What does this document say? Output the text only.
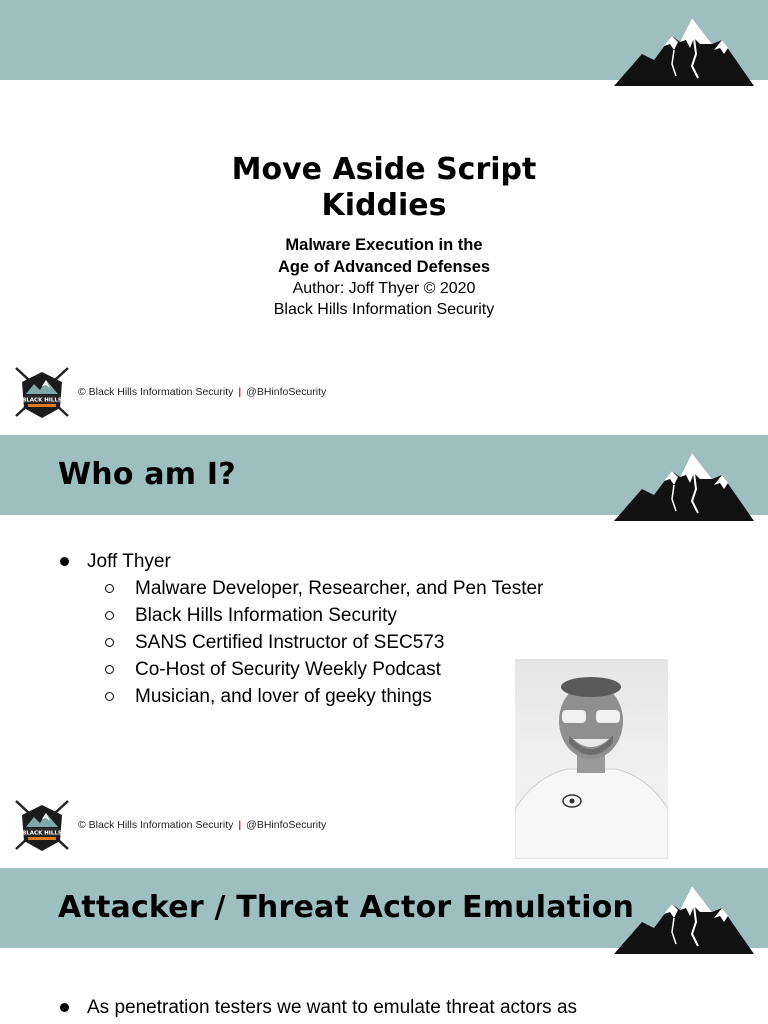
Move Aside Script
Kiddies

Malware Execution in the
Age of Advanced Defenses

Author: Joff Thyer © 2020

Black Hills Information Security

© Black Hills Information Security | @BHinfoSecurity
Who am I?
Joff Thyer
Malware Developer, Researcher, and Pen Tester
Black Hills Information Security
SANS Certified Instructor of SEC573
Co-Host of Security Weekly Podcast
Musician, and lover of geeky things
© Black Hills Information Security | @BHinfoSecurity
Attacker / Threat Actor Emulation
As penetration testers we want to emulate threat actors as
